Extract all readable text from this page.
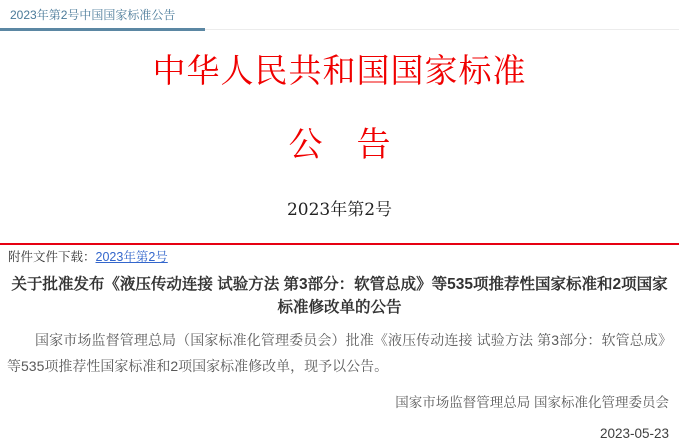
2023年第2号中国国家标准公告
中华人民共和国国家标准
公　告
2023年第2号
附件文件下载：2023年第2号
关于批准发布《液压传动连接 试验方法 第3部分：软管总成》等535项推荐性国家标准和2项国家标准修改单的公告

国家市场监督管理总局（国家标准化管理委员会）批准《液压传动连接 试验方法 第3部分：软管总成》等535项推荐性国家标准和2项国家标准修改单，现予以公告。

国家市场监督管理总局 国家标准化管理委员会
2023-05-23
